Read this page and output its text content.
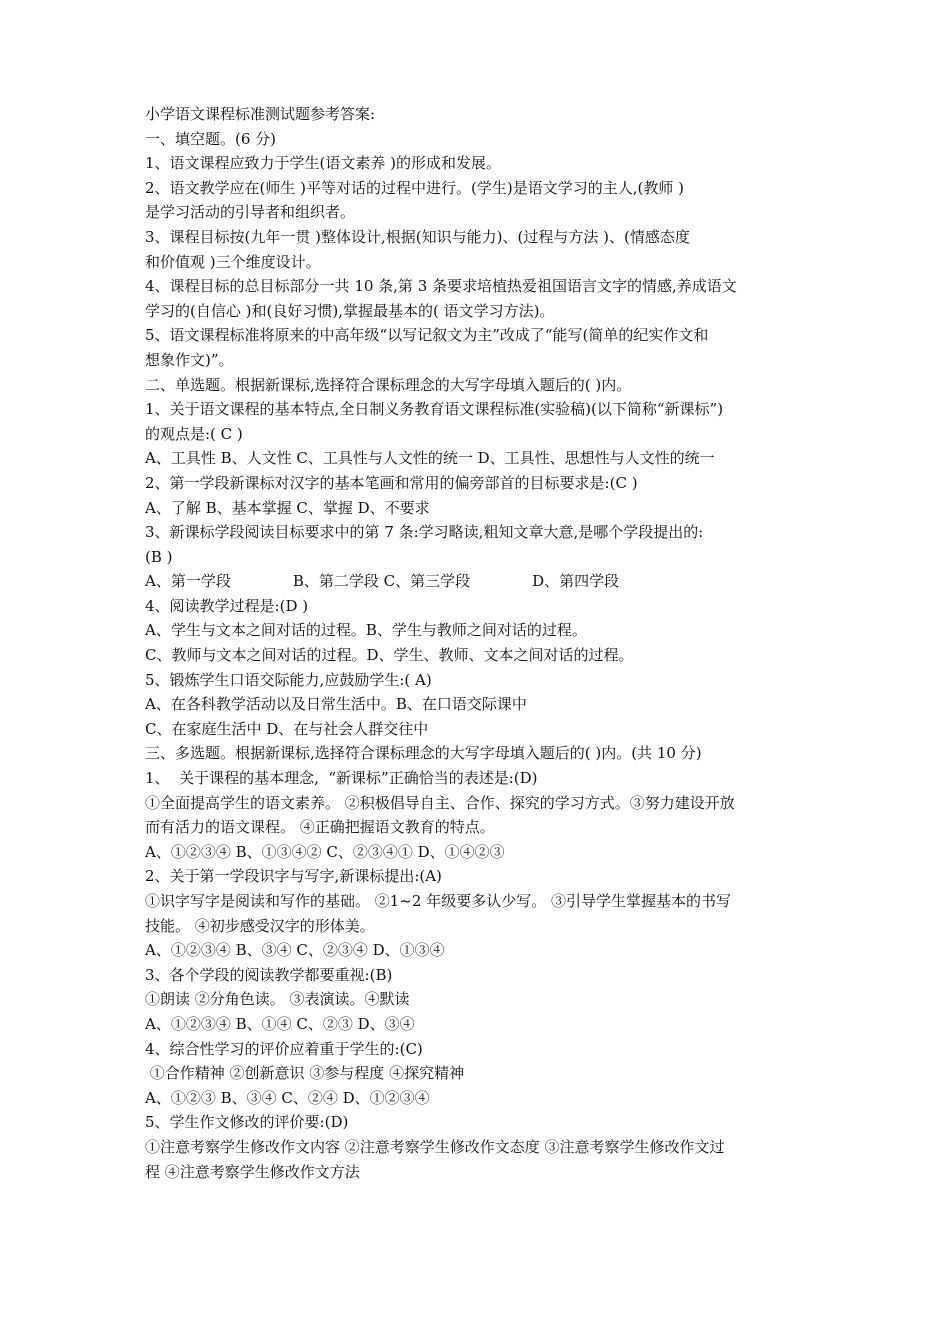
小学语文课程标准测试题参考答案:
一、填空题。(6 分)
1、语文课程应致力于学生(语文素养 )的形成和发展。
2、语文教学应在(师生 )平等对话的过程中进行。(学生)是语文学习的主人,(教师 )
是学习活动的引导者和组织者。
3、课程目标按(九年一贯 )整体设计,根据(知识与能力)、(过程与方法 )、(情感态度
和价值观 )三个维度设计。
4、课程目标的总目标部分一共 10 条,第 3 条要求培植热爱祖国语言文字的情感,养成语文
学习的(自信心 )和(良好习惯),掌握最基本的( 语文学习方法)。
5、语文课程标准将原来的中高年级“以写记叙文为主”改成了“能写(简单的纪实作文和
想象作文)”。
二、单选题。根据新课标,选择符合课标理念的大写字母填入题后的( )内。
1、关于语文课程的基本特点,全日制义务教育语文课程标准(实验稿)(以下简称“新课标”)
的观点是:( C )
A、工具性 B、人文性 C、工具性与人文性的统一 D、工具性、思想性与人文性的统一
2、第一学段新课标对汉字的基本笔画和常用的偏旁部首的目标要求是:(C )
A、了解 B、基本掌握 C、掌握 D、不要求
3、新课标学段阅读目标要求中的第 7 条:学习略读,粗知文章大意,是哪个学段提出的:
(B )
A、第一学段             B、第二学段 C、第三学段             D、第四学段
4、阅读教学过程是:(D )
A、学生与文本之间对话的过程。B、学生与教师之间对话的过程。
C、教师与文本之间对话的过程。D、学生、教师、文本之间对话的过程。
5、锻炼学生口语交际能力,应鼓励学生:( A)
A、在各科教学活动以及日常生活中。B、在口语交际课中
C、在家庭生活中 D、在与社会人群交往中
三、多选题。根据新课标,选择符合课标理念的大写字母填入题后的( )内。(共 10 分)
1、  关于课程的基本理念,  “新课标”正确恰当的表述是:(D)
①全面提高学生的语文素养。 ②积极倡导自主、合作、探究的学习方式。③努力建设开放
而有活力的语文课程。 ④正确把握语文教育的特点。
A、①②③④ B、①③④② C、②③④① D、①④②③
2、关于第一学段识字与写字,新课标提出:(A)
①识字写字是阅读和写作的基础。 ②1~2 年级要多认少写。 ③引导学生掌握基本的书写
技能。 ④初步感受汉字的形体美。
A、①②③④ B、③④ C、②③④ D、①③④
3、各个学段的阅读教学都要重视:(B)
①朗读 ②分角色读。 ③表演读。④默读
A、①②③④ B、①④ C、②③ D、③④
4、综合性学习的评价应着重于学生的:(C)
①合作精神 ②创新意识 ③参与程度 ④探究精神
A、①②③ B、③④ C、②④ D、①②③④
5、学生作文修改的评价要:(D)
①注意考察学生修改作文内容 ②注意考察学生修改作文态度 ③注意考察学生修改作文过
程 ④注意考察学生修改作文方法
